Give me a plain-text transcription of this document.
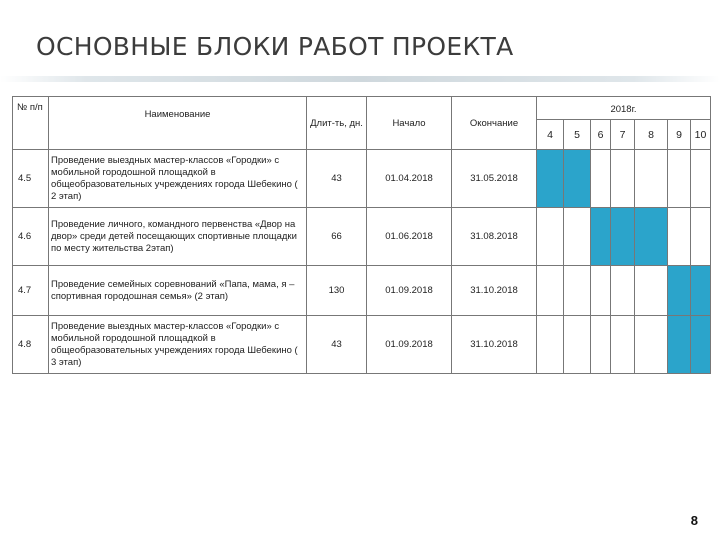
ОСНОВНЫЕ БЛОКИ РАБОТ ПРОЕКТА
№ п/п	Наименование	Длит-ть, дн.	Начало	Окончание	2018г.						
					4	5	6	7	8	9	10
4.5	Проведение выездных мастер-классов «Городки» с мобильной городошной площадкой в общеобразовательных учреждениях города Шебекино ( 2 этап)	43	01.04.2018	31.05.2018							
4.6	Проведение личного, командного первенства «Двор на двор» среди детей посещающих спортивные площадки по месту жительства 2этап)	66	01.06.2018	31.08.2018							
4.7	Проведение семейных соревнований «Папа, мама, я – спортивная городошная семья» (2 этап)	130	01.09.2018	31.10.2018							
4.8	Проведение выездных мастер-классов «Городки» с мобильной городошной площадкой в общеобразовательных учреждениях города Шебекино ( 3 этап)	43	01.09.2018	31.10.2018							
8
